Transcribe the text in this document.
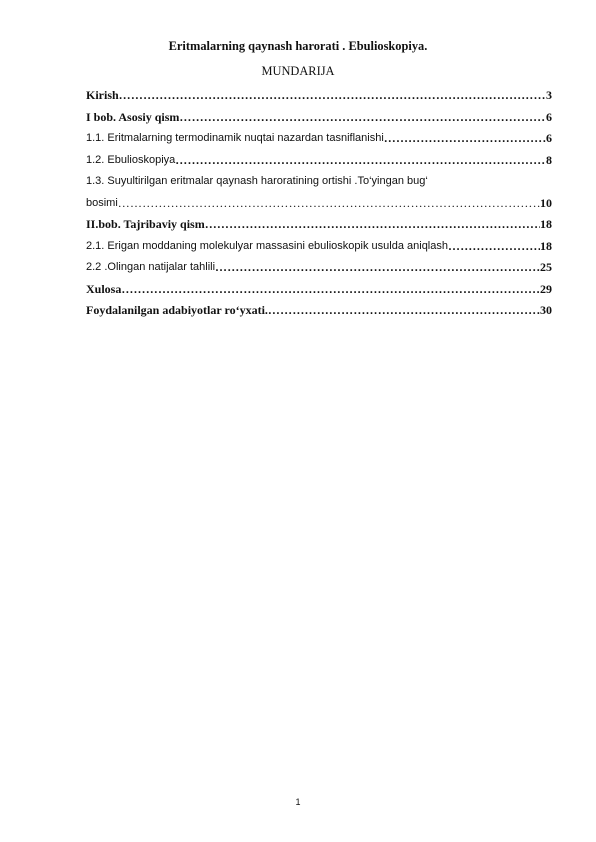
Eritmalarning qaynash harorati . Ebulioskopiya.
MUNDARIJA
Kirish ……………………………………………………………………………………………………………………………………………………………………	3
I bob. Asosiy qism ……………………………………………………………………………………………………………………………………………………………………	6
1.1. Eritmalarning termodinamik nuqtai nazardan tasniflanishi ……………………………………………………………………………………………………………………………………………………………………	6
1.2. Ebulioskopiya ……………………………………………………………………………………………………………………………………………………………………	8
1.3. Suyultirilgan eritmalar qaynash haroratining ortishi .To‘yingan bug‘
bosimi ……………………………………………………………………………………………………………………………………………………………………	10
II.bob. Tajribaviy qism ……………………………………………………………………………………………………………………………………………………………………	18
2.1. Erigan moddaning molekulyar massasini ebulioskopik usulda aniqlash ……………………………………………………………………………………………………………………………………………………………………	18
2.2 .Olingan natijalar tahlili ……………………………………………………………………………………………………………………………………………………………………	25
Xulosa ……………………………………………………………………………………………………………………………………………………………………	29
Foydalanilgan adabiyotlar ro‘yxati. ……………………………………………………………………………………………………………………………………………………………………	30
1
